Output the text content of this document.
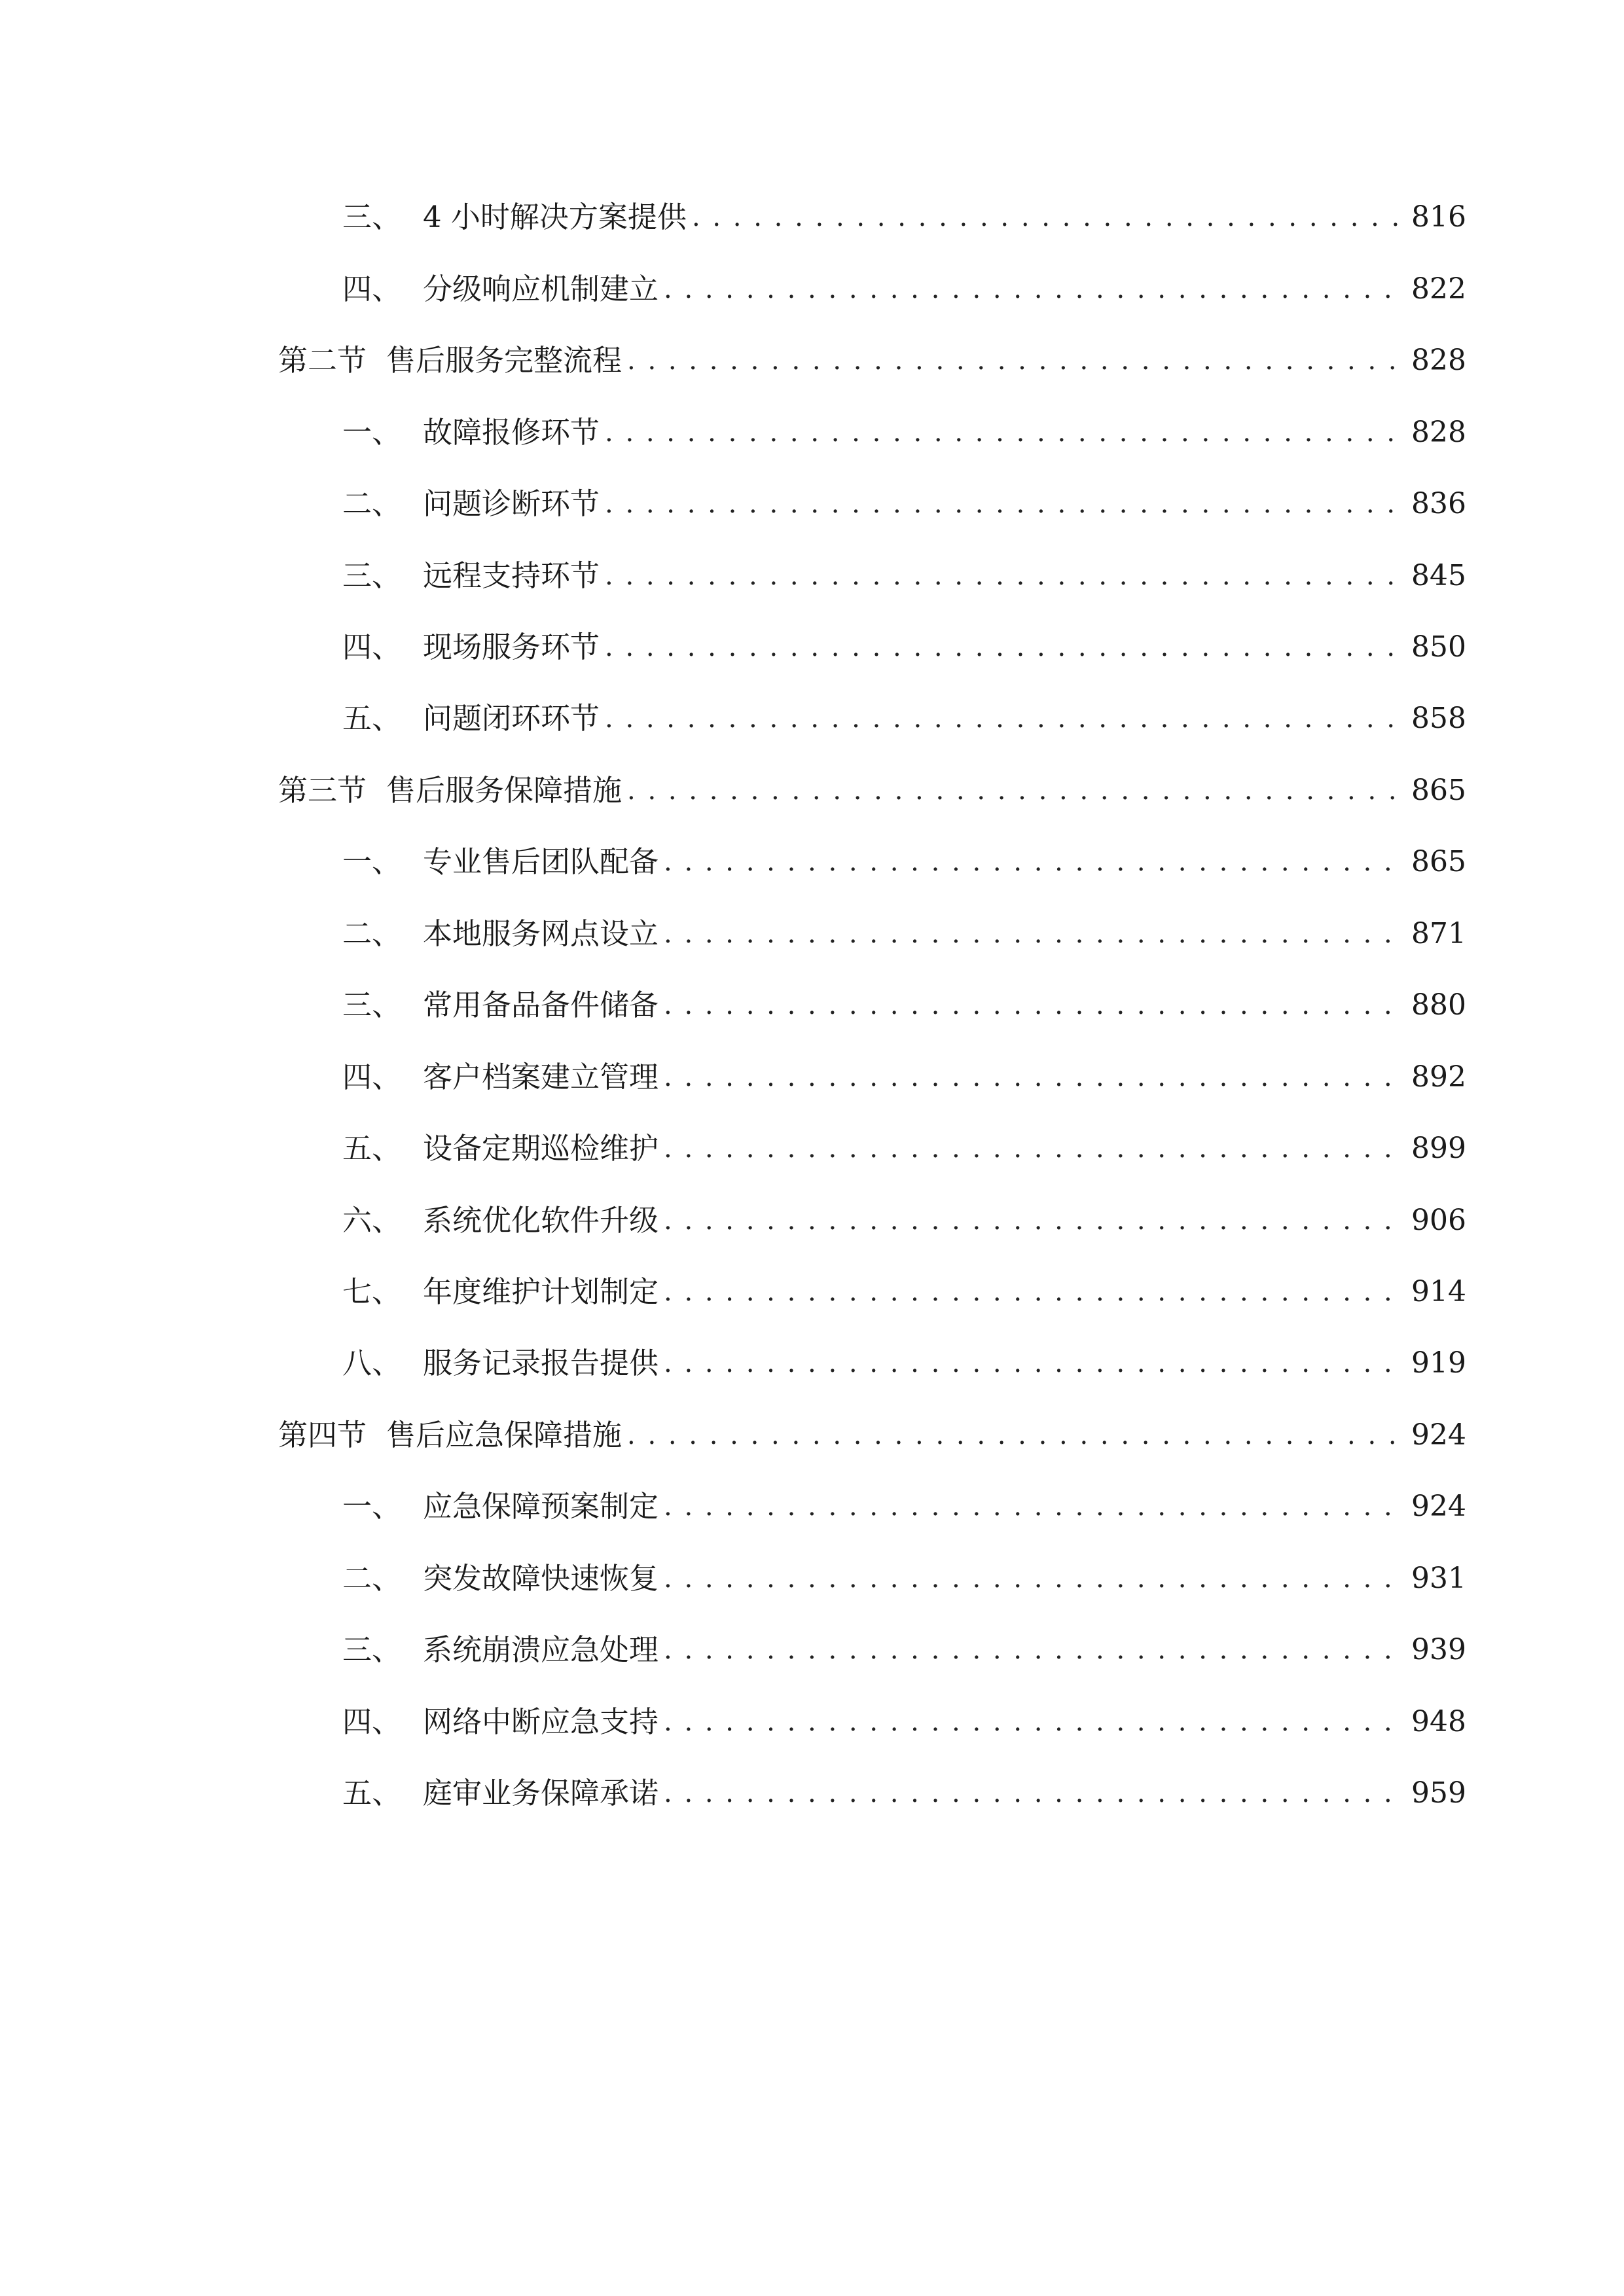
三、 4 小时解决方案提供 . . .	816
四、 分级响应机制建立 . . .	822
第二节 售后服务完整流程 . . .	828
一、 故障报修环节 . . .	828
二、 问题诊断环节 . . .	836
三、 远程支持环节 . . .	845
四、 现场服务环节 . . .	850
五、 问题闭环环节 . . .	858
第三节 售后服务保障措施 . . .	865
一、 专业售后团队配备 . . .	865
二、 本地服务网点设立 . . .	871
三、 常用备品备件储备 . . .	880
四、 客户档案建立管理 . . .	892
五、 设备定期巡检维护 . . .	899
六、 系统优化软件升级 . . .	906
七、 年度维护计划制定 . . .	914
八、 服务记录报告提供 . . .	919
第四节 售后应急保障措施 . . .	924
一、 应急保障预案制定 . . .	924
二、 突发故障快速恢复 . . .	931
三、 系统崩溃应急处理 . . .	939
四、 网络中断应急支持 . . .	948
五、 庭审业务保障承诺 . . .	959
